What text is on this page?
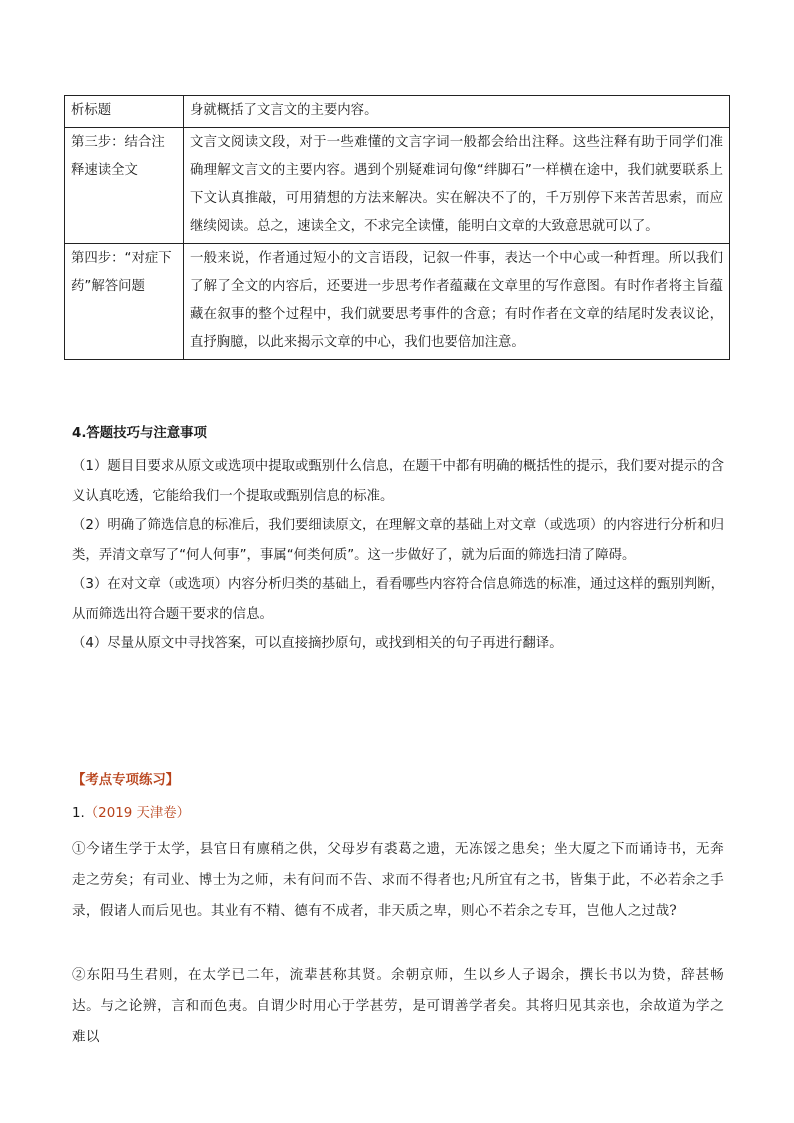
析标题	身就概括了文言文的主要内容。
第三步：结合注释速读全文	文言文阅读文段，对于一些难懂的文言字词一般都会给出注释。这些注释有助于同学们准确理解文言文的主要内容。遇到个别疑难词句像“绊脚石”一样横在途中，我们就要联系上下文认真推敲，可用猜想的方法来解决。实在解决不了的，千万别停下来苦苦思索，而应继续阅读。总之，速读全文，不求完全读懂，能明白文章的大致意思就可以了。
第四步：“对症下药”解答问题	一般来说，作者通过短小的文言语段，记叙一件事，表达一个中心或一种哲理。所以我们了解了全文的内容后，还要进一步思考作者蕴藏在文章里的写作意图。有时作者将主旨蕴藏在叙事的整个过程中，我们就要思考事件的含意；有时作者在文章的结尾时发表议论，直抒胸臆，以此来揭示文章的中心，我们也要倍加注意。
4.答题技巧与注意事项

（1）题目目要求从原文或选项中提取或甄别什么信息，在题干中都有明确的概括性的提示，我们要对提示的含义认真吃透，它能给我们一个提取或甄别信息的标准。

（2）明确了筛选信息的标准后，我们要细读原文，在理解文章的基础上对文章（或选项）的内容进行分析和归类，弄清文章写了“何人何事”，事属“何类何质”。这一步做好了，就为后面的筛选扫清了障碍。

（3）在对文章（或选项）内容分析归类的基础上，看看哪些内容符合信息筛选的标准，通过这样的甄别判断，从而筛选出符合题干要求的信息。

（4）尽量从原文中寻找答案，可以直接摘抄原句，或找到相关的句子再进行翻译。

【考点专项练习】
1.（2019 天津卷）

①今诸生学于太学，县官日有廪稍之供，父母岁有裘葛之遗，无冻馁之患矣；坐大厦之下而诵诗书，无奔走之劳矣；有司业、博士为之师，未有问而不告、求而不得者也;凡所宜有之书，皆集于此，不必若余之手录，假诸人而后见也。其业有不精、德有不成者，非天质之卑，则心不若余之专耳，岂他人之过哉?

②东阳马生君则，在太学已二年，流辈甚称其贤。余朝京师，生以乡人子谒余，撰长书以为贽，辞甚畅达。与之论辨，言和而色夷。自谓少时用心于学甚劳，是可谓善学者矣。其将归见其亲也，余故道为学之难以
